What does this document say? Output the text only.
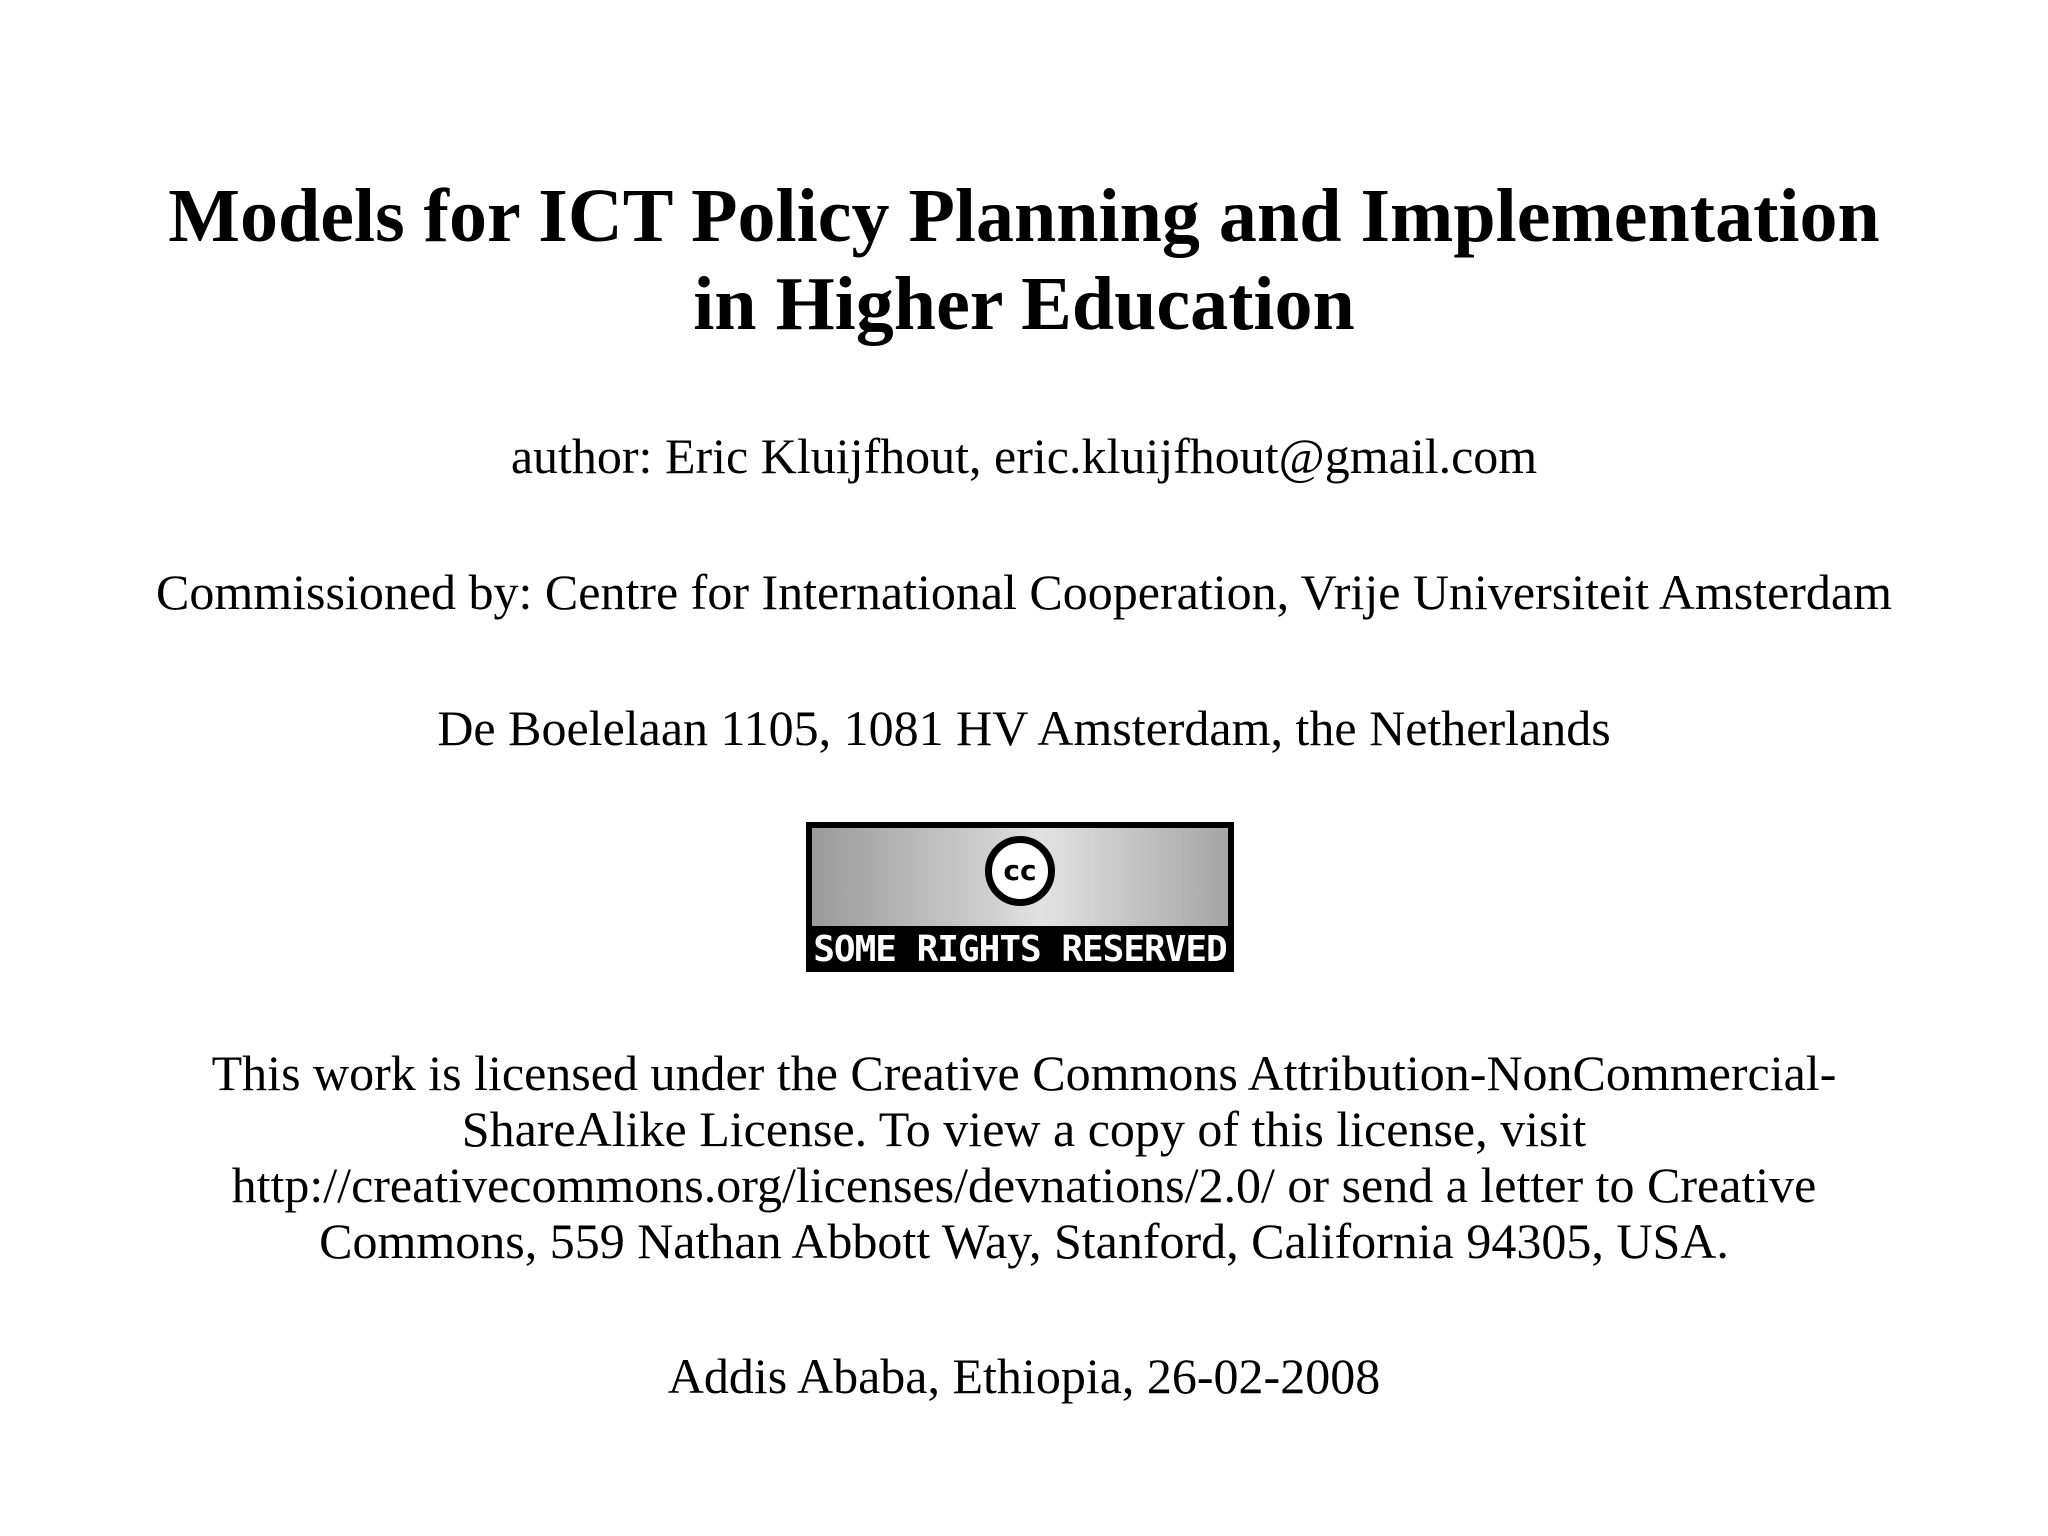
Models for ICT Policy Planning and Implementation
in Higher Education

author: Eric Kluijfhout, eric.kluijfhout@gmail.com

Commissioned by: Centre for International Cooperation, Vrije Universiteit Amsterdam

De Boelelaan 1105, 1081 HV Amsterdam, the Netherlands

cc
SOME RIGHTS RESERVED

This work is licensed under the Creative Commons Attribution-NonCommercial-
ShareAlike License. To view a copy of this license, visit
http://creativecommons.org/licenses/devnations/2.0/ or send a letter to Creative
Commons, 559 Nathan Abbott Way, Stanford, California 94305, USA.

Addis Ababa, Ethiopia, 26-02-2008
